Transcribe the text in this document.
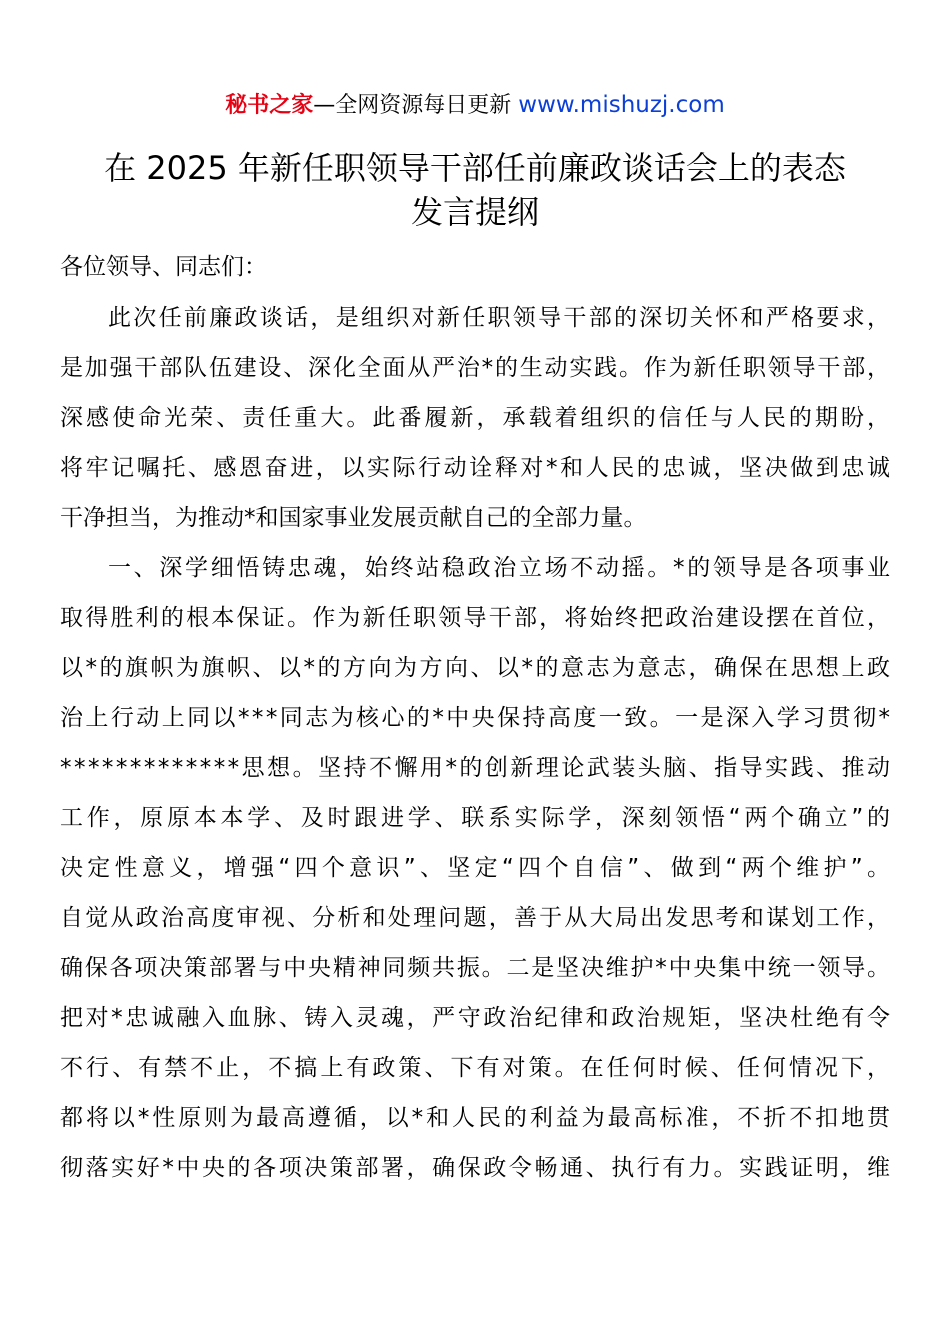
秘书之家—全网资源每日更新 www.mishuzj.com
在 2025 年新任职领导干部任前廉政谈话会上的表态
发言提纲
各位领导、同志们：
此次任前廉政谈话，是组织对新任职领导干部的深切关怀和严格要求，
是加强干部队伍建设、深化全面从严治*的生动实践。作为新任职领导干部，
深感使命光荣、责任重大。此番履新，承载着组织的信任与人民的期盼，
将牢记嘱托、感恩奋进，以实际行动诠释对*和人民的忠诚，坚决做到忠诚
干净担当，为推动*和国家事业发展贡献自己的全部力量。
一、深学细悟铸忠魂，始终站稳政治立场不动摇。*的领导是各项事业
取得胜利的根本保证。作为新任职领导干部，将始终把政治建设摆在首位，
以*的旗帜为旗帜、以*的方向为方向、以*的意志为意志，确保在思想上政
治上行动上同以***同志为核心的*中央保持高度一致。一是深入学习贯彻*
*************思想。坚持不懈用*的创新理论武装头脑、指导实践、推动
工作，原原本本学、及时跟进学、联系实际学，深刻领悟“两个确立”的
决定性意义，增强“四个意识”、坚定“四个自信”、做到“两个维护”。
自觉从政治高度审视、分析和处理问题，善于从大局出发思考和谋划工作，
确保各项决策部署与中央精神同频共振。二是坚决维护*中央集中统一领导。
把对*忠诚融入血脉、铸入灵魂，严守政治纪律和政治规矩，坚决杜绝有令
不行、有禁不止，不搞上有政策、下有对策。在任何时候、任何情况下，
都将以*性原则为最高遵循，以*和人民的利益为最高标准，不折不扣地贯
彻落实好*中央的各项决策部署，确保政令畅通、执行有力。实践证明，维
